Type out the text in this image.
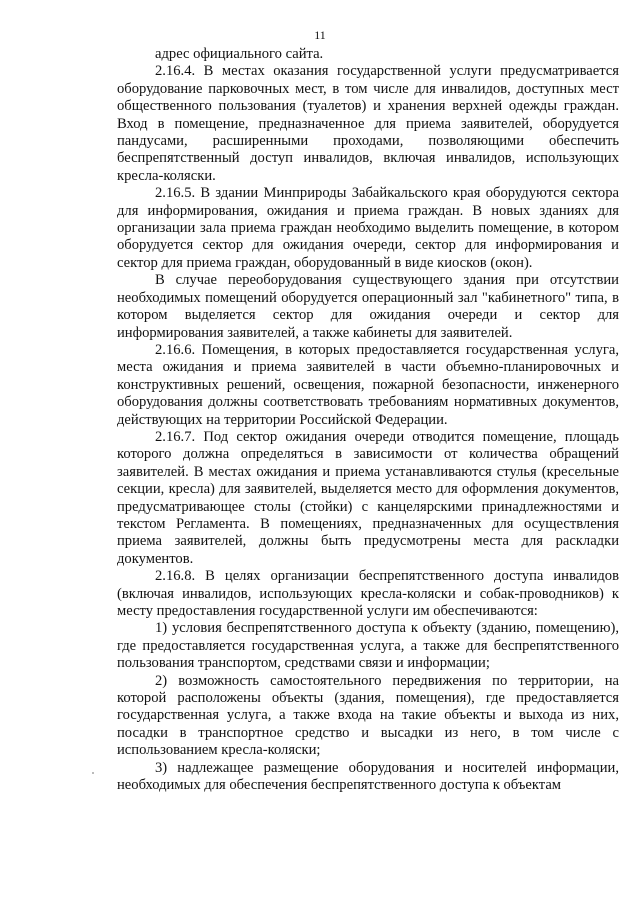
11

адрес официального сайта.

2.16.4. В местах оказания государственной услуги предусматривается оборудование парковочных мест, в том числе для инвалидов, доступных мест общественного пользования (туалетов) и хранения верхней одежды граждан. Вход в помещение, предназначенное для приема заявителей, оборудуется пандусами, расширенными проходами, позволяющими обеспечить беспрепятственный доступ инвалидов, включая инвалидов, использующих кресла-коляски.

2.16.5. В здании Минприроды Забайкальского края оборудуются сектора для информирования, ожидания и приема граждан. В новых зданиях для организации зала приема граждан необходимо выделить помещение, в котором оборудуется сектор для ожидания очереди, сектор для информирования и сектор для приема граждан, оборудованный в виде киосков (окон).

В случае переоборудования существующего здания при отсутствии необходимых помещений оборудуется операционный зал "кабинетного" типа, в котором выделяется сектор для ожидания очереди и сектор для информирования заявителей, а также кабинеты для заявителей.

2.16.6. Помещения, в которых предоставляется государственная услуга, места ожидания и приема заявителей в части объемно-планировочных и конструктивных решений, освещения, пожарной безопасности, инженерного оборудования должны соответствовать требованиям нормативных документов, действующих на территории Российской Федерации.

2.16.7. Под сектор ожидания очереди отводится помещение, площадь которого должна определяться в зависимости от количества обращений заявителей. В местах ожидания и приема устанавливаются стулья (кресельные секции, кресла) для заявителей, выделяется место для оформления документов, предусматривающее столы (стойки) с канцелярскими принадлежностями и текстом Регламента. В помещениях, предназначенных для осуществления приема заявителей, должны быть предусмотрены места для раскладки документов.

2.16.8. В целях организации беспрепятственного доступа инвалидов (включая инвалидов, использующих кресла-коляски и собак-проводников) к месту предоставления государственной услуги им обеспечиваются:

1) условия беспрепятственного доступа к объекту (зданию, помещению), где предоставляется государственная услуга, а также для беспрепятственного пользования транспортом, средствами связи и информации;

2) возможность самостоятельного передвижения по территории, на которой расположены объекты (здания, помещения), где предоставляется государственная услуга, а также входа на такие объекты и выхода из них, посадки в транспортное средство и высадки из него, в том числе с использованием кресла-коляски;

3) надлежащее размещение оборудования и носителей информации, необходимых для обеспечения беспрепятственного доступа к объектам
